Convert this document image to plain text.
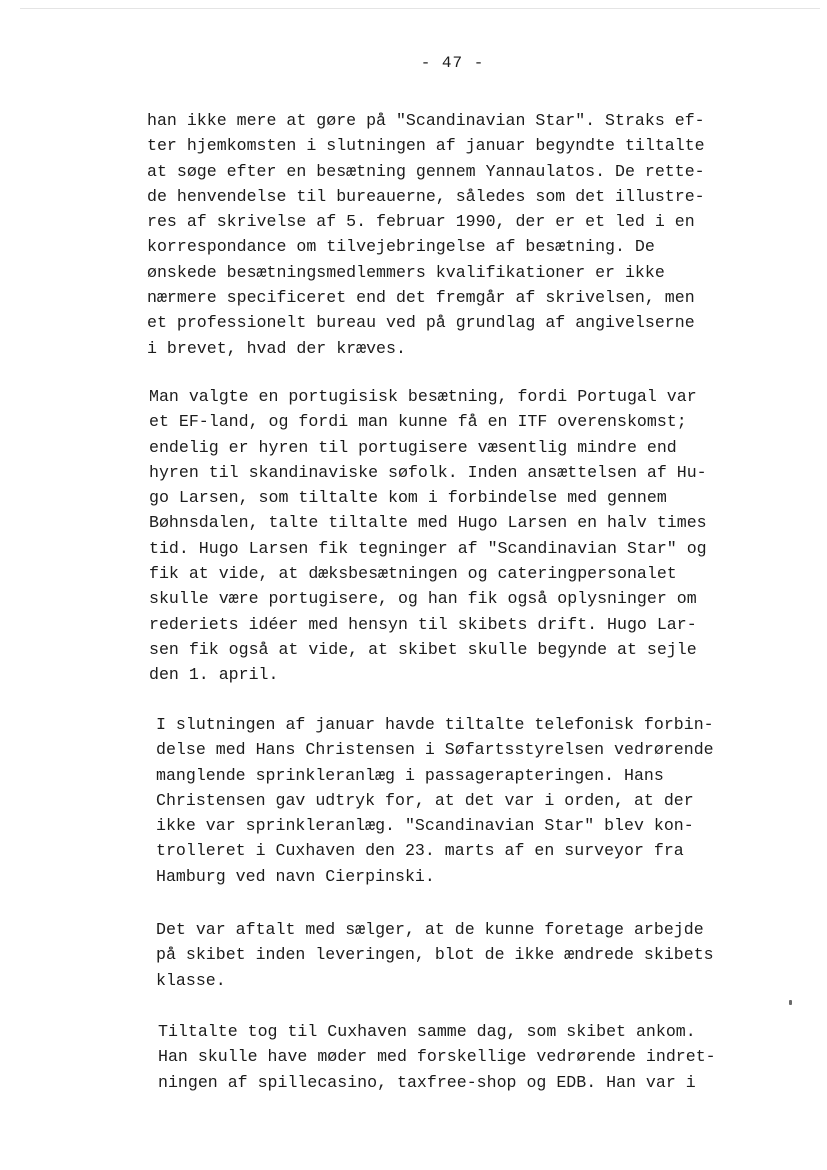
- 47 -
han ikke mere at gøre på "Scandinavian Star". Straks ef-
ter hjemkomsten i slutningen af januar begyndte tiltalte
at søge efter en besætning gennem Yannaulatos. De rette-
de henvendelse til bureauerne, således som det illustre-
res af skrivelse af 5. februar 1990, der er et led i en
korrespondance om tilvejebringelse af besætning. De
ønskede besætningsmedlemmers kvalifikationer er ikke
nærmere specificeret end det fremgår af skrivelsen, men
et professionelt bureau ved på grundlag af angivelserne
i brevet, hvad der kræves.
Man valgte en portugisisk besætning, fordi Portugal var
et EF-land, og fordi man kunne få en ITF overenskomst;
endelig er hyren til portugisere væsentlig mindre end
hyren til skandinaviske søfolk. Inden ansættelsen af Hu-
go Larsen, som tiltalte kom i forbindelse med gennem
Bøhnsdalen, talte tiltalte med Hugo Larsen en halv times
tid. Hugo Larsen fik tegninger af "Scandinavian Star" og
fik at vide, at dæksbesætningen og cateringpersonalet
skulle være portugisere, og han fik også oplysninger om
rederiets idéer med hensyn til skibets drift. Hugo Lar-
sen fik også at vide, at skibet skulle begynde at sejle
den 1. april.
I slutningen af januar havde tiltalte telefonisk forbin-
delse med Hans Christensen i Søfartsstyrelsen vedrørende
manglende sprinkleranlæg i passagerapteringen. Hans
Christensen gav udtryk for, at det var i orden, at der
ikke var sprinkleranlæg. "Scandinavian Star" blev kon-
trolleret i Cuxhaven den 23. marts af en surveyor fra
Hamburg ved navn Cierpinski.
Det var aftalt med sælger, at de kunne foretage arbejde
på skibet inden leveringen, blot de ikke ændrede skibets
klasse.
Tiltalte tog til Cuxhaven samme dag, som skibet ankom.
Han skulle have møder med forskellige vedrørende indret-
ningen af spillecasino, taxfree-shop og EDB. Han var i
